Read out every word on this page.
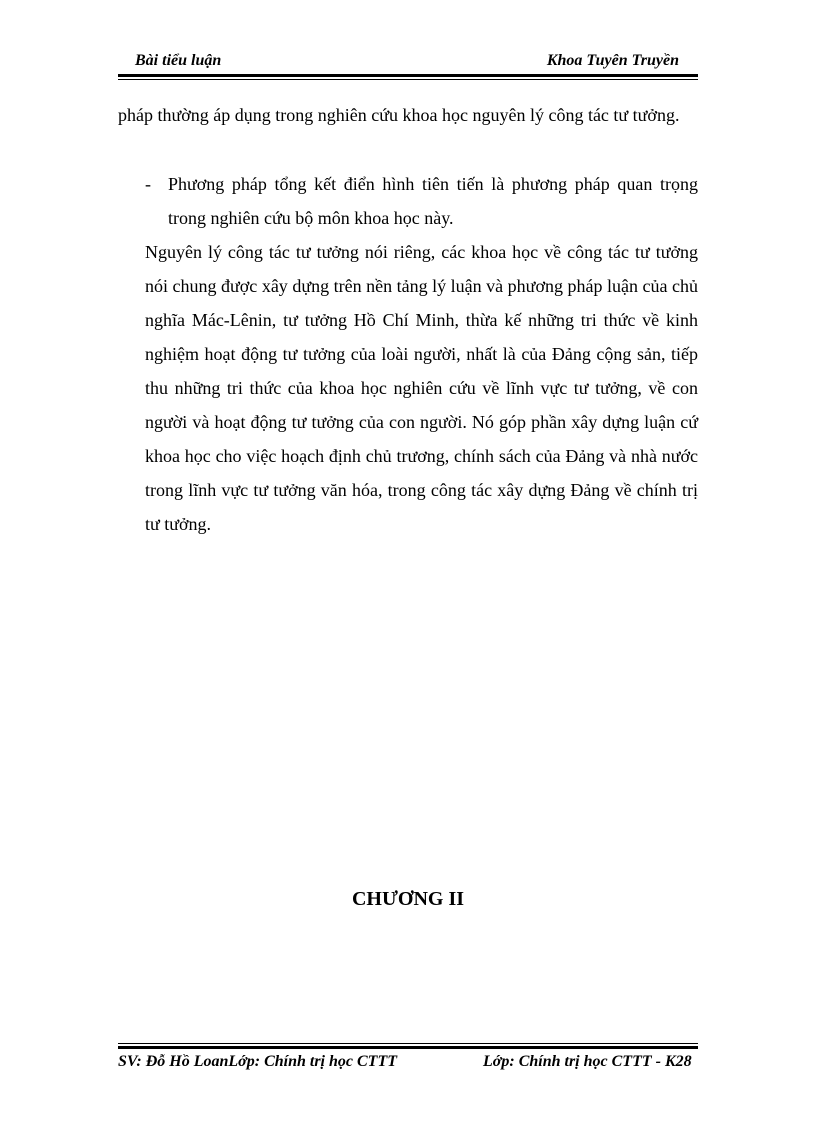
Bài tiểu luận	Khoa Tuyên Truyền
pháp thường áp dụng trong nghiên cứu khoa học nguyên lý công tác tư tưởng.
- Phương pháp tổng kết điển hình tiên tiến là phương pháp quan trọng trong nghiên cứu bộ môn khoa học này.
Nguyên lý công tác tư tưởng nói riêng, các khoa học về công tác tư tưởng nói chung được xây dựng trên nền tảng lý luận và phương pháp luận của chủ nghĩa Mác-Lênin, tư tưởng Hồ Chí Minh, thừa kế những tri thức về kinh nghiệm hoạt động tư tưởng của loài người, nhất là của Đảng cộng sản, tiếp thu những tri thức của khoa học nghiên cứu về lĩnh vực tư tưởng, về con người và hoạt động tư tưởng của con người. Nó góp phần xây dựng luận cứ khoa học cho việc hoạch định chủ trương, chính sách của Đảng và nhà nước trong lĩnh vực tư tưởng văn hóa, trong công tác xây dựng Đảng về chính trị tư tưởng.
CHƯƠNG II
SV: Đỗ Hồ LoanLớp: Chính trị học CTTT	Lớp: Chính trị học CTTT - K28
